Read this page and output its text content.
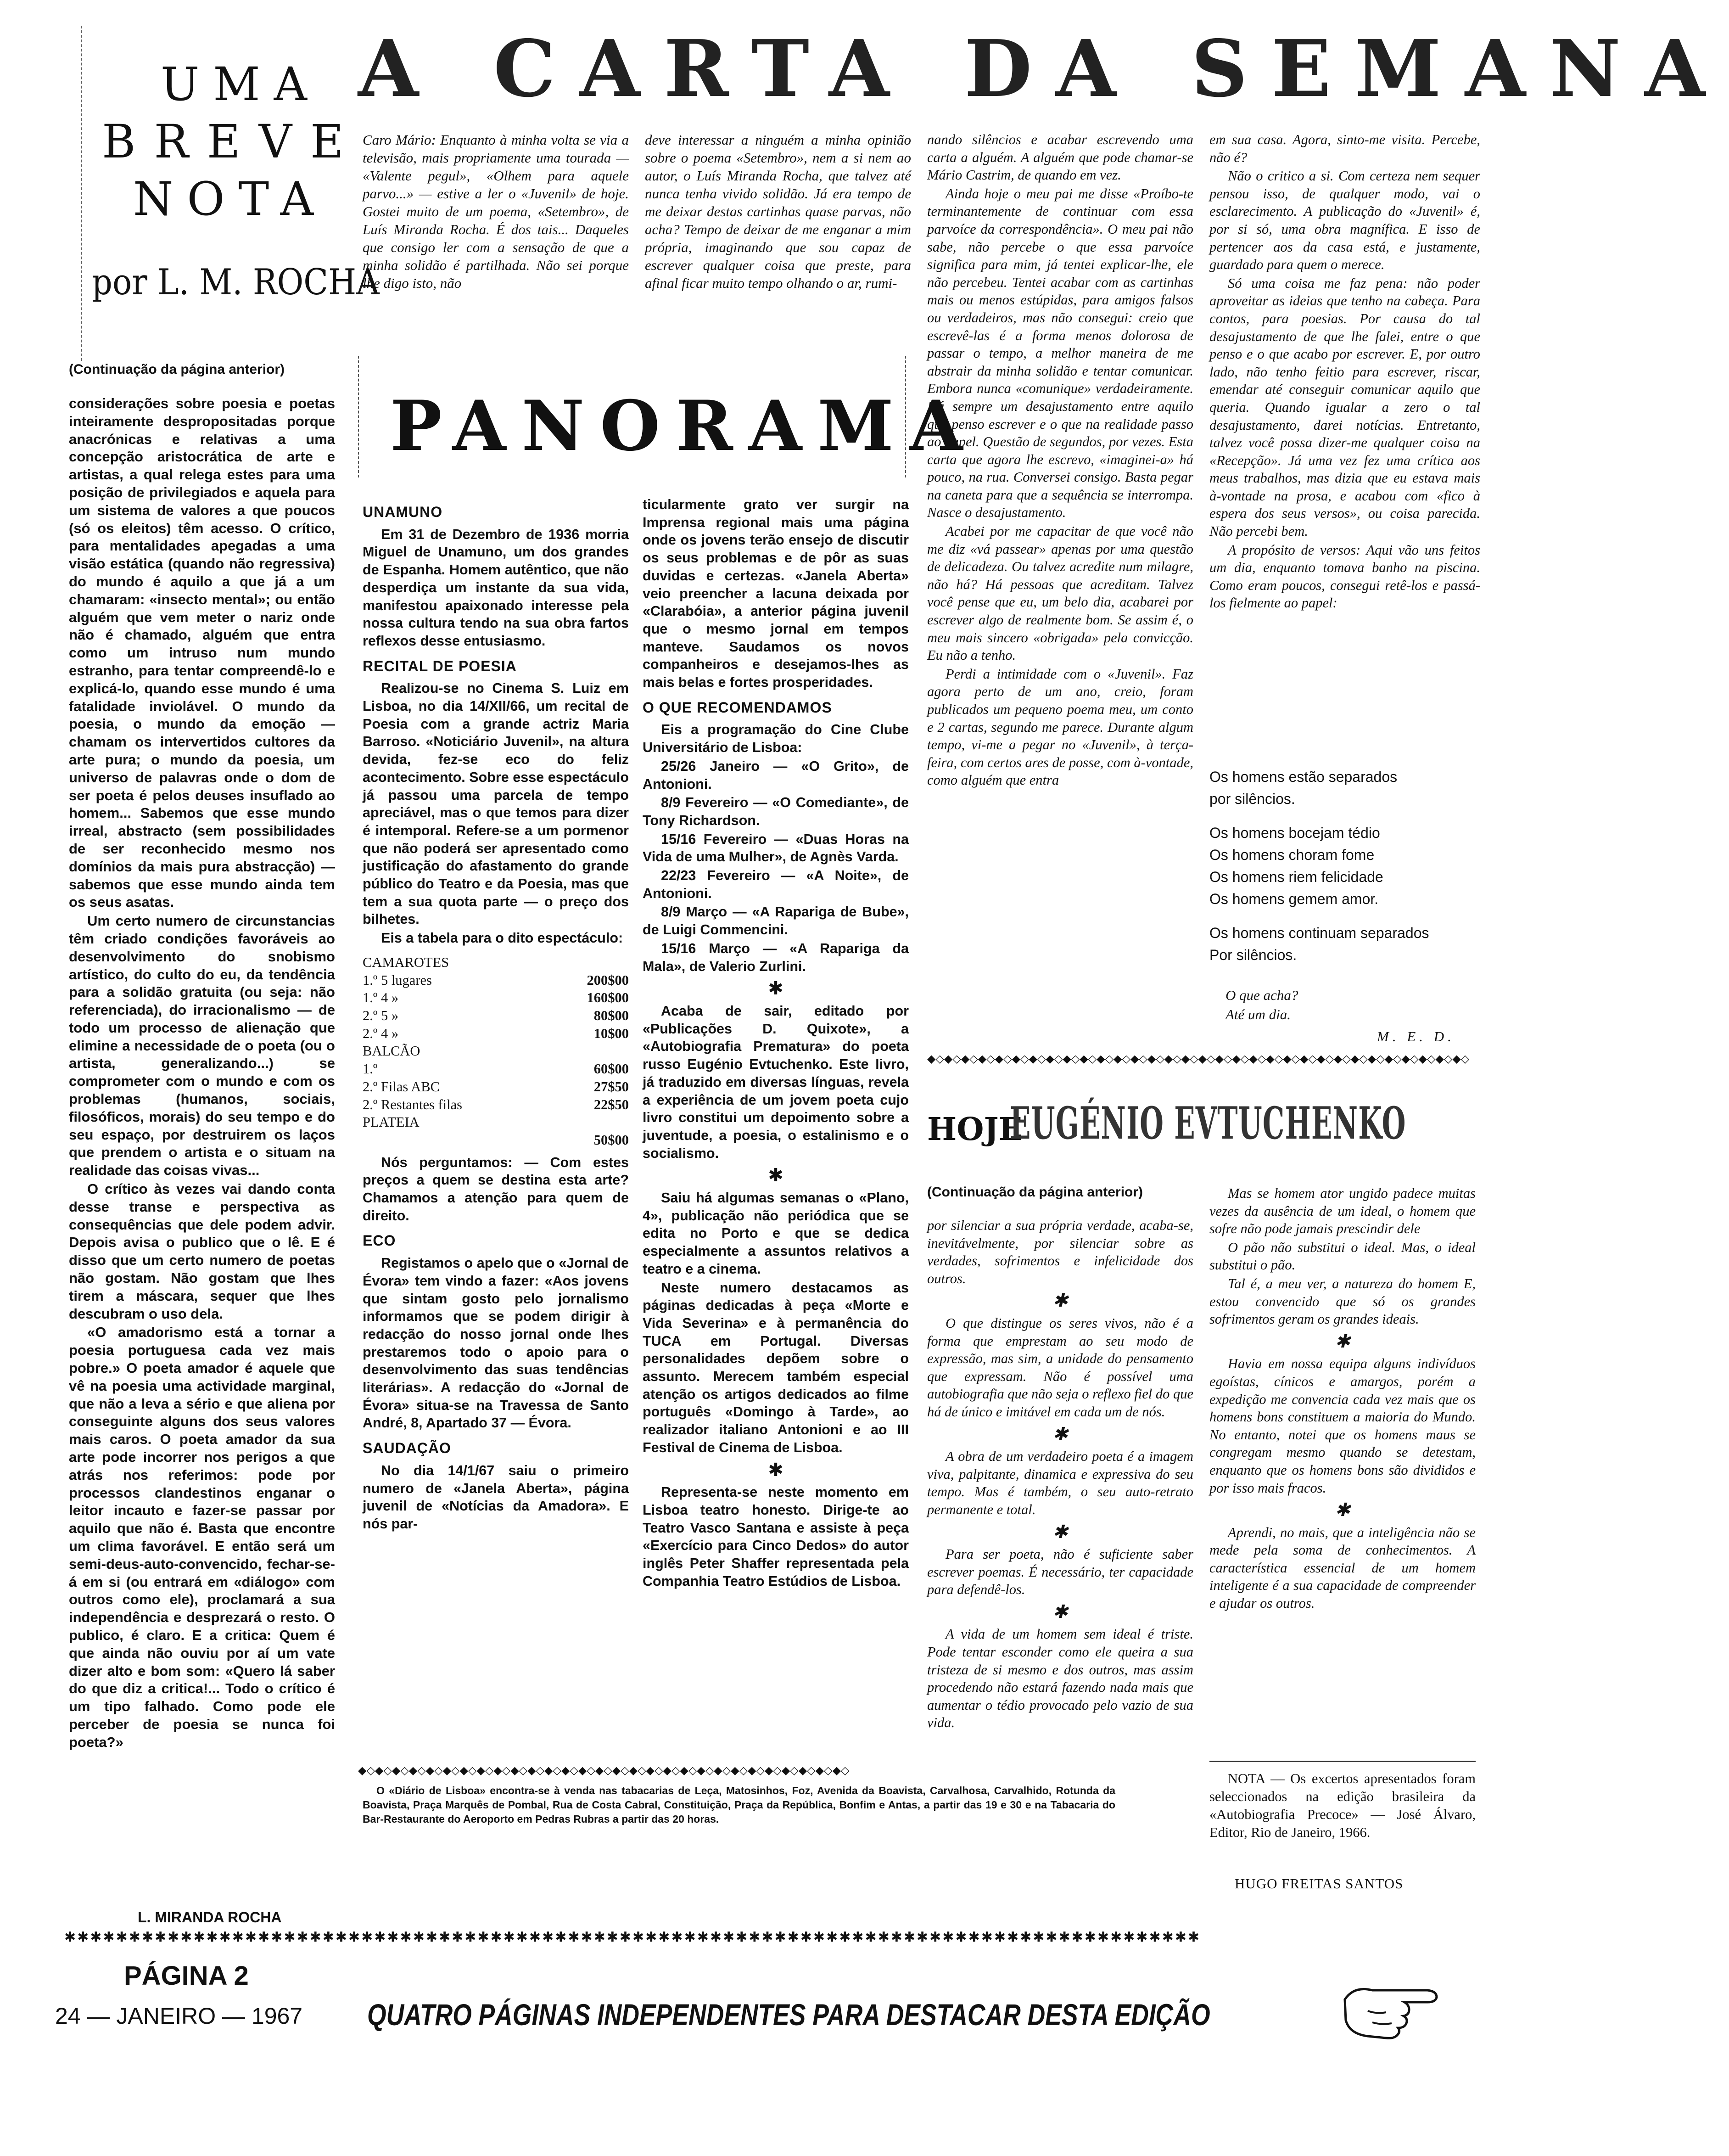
UMA
BREVE
NOTA
por L. M. ROCHA
(Continuação da página anterior)

considerações sobre poesia e poetas inteiramente despropositadas porque anacrónicas e relativas a uma concepção aristocrática de arte e artistas, a qual relega estes para uma posição de privilegiados e aquela para um sistema de valores a que poucos (só os eleitos) têm acesso. O crítico, para mentalidades apegadas a uma visão estática (quando não regressiva) do mundo é aquilo a que já a um chamaram: «insecto mental»; ou então alguém que vem meter o nariz onde não é chamado, alguém que entra como um intruso num mundo estranho, para tentar compreendê-lo e explicá-lo, quando esse mundo é uma fatalidade inviolável. O mundo da poesia, o mundo da emoção — chamam os intervertidos cultores da arte pura; o mundo da poesia, um universo de palavras onde o dom de ser poeta é pelos deuses insuflado ao homem... Sabemos que esse mundo irreal, abstracto (sem possibilidades de ser reconhecido mesmo nos domínios da mais pura abstracção) — sabemos que esse mundo ainda tem os seus asatas.

Um certo numero de circunstancias têm criado condições favoráveis ao desenvolvimento do snobismo artístico, do culto do eu, da tendência para a solidão gratuita (ou seja: não referenciada), do irracionalismo — de todo um processo de alienação que elimine a necessidade de o poeta (ou o artista, generalizando...) se comprometer com o mundo e com os problemas (humanos, sociais, filosóficos, morais) do seu tempo e do seu espaço, por destruirem os laços que prendem o artista e o situam na realidade das coisas vivas...

O crítico às vezes vai dando conta desse transe e perspectiva as consequências que dele podem advir. Depois avisa o publico que o lê. E é disso que um certo numero de poetas não gostam. Não gostam que lhes tirem a máscara, sequer que lhes descubram o uso dela.

«O amadorismo está a tornar a poesia portuguesa cada vez mais pobre.» O poeta amador é aquele que vê na poesia uma actividade marginal, que não a leva a sério e que aliena por conseguinte alguns dos seus valores mais caros. O poeta amador da sua arte pode incorrer nos perigos a que atrás nos referimos: pode por processos clandestinos enganar o leitor incauto e fazer-se passar por aquilo que não é. Basta que encontre um clima favorável. E então será um semi-deus-auto-convencido, fechar-se-á em si (ou entrará em «diálogo» com outros como ele), proclamará a sua independência e desprezará o resto. O publico, é claro. E a critica: Quem é que ainda não ouviu por aí um vate dizer alto e bom som: «Quero lá saber do que diz a critica!... Todo o crítico é um tipo falhado. Como pode ele perceber de poesia se nunca foi poeta?»

L. MIRANDA ROCHA
A CARTA DA SEMANA

Caro Mário: Enquanto à minha volta se via a televisão, mais propriamente uma tourada — «Valente pegul», «Olhem para aquele parvo...» — estive a ler o «Juvenil» de hoje. Gostei muito de um poema, «Setembro», de Luís Miranda Rocha. É dos tais... Daqueles que consigo ler com a sensação de que a minha solidão é partilhada. Não sei porque lhe digo isto, não

deve interessar a ninguém a minha opinião sobre o poema «Setembro», nem a si nem ao autor, o Luís Miranda Rocha, que talvez até nunca tenha vivido solidão. Já era tempo de me deixar destas cartinhas quase parvas, não acha? Tempo de deixar de me enganar a mim própria, imaginando que sou capaz de escrever qualquer coisa que preste, para afinal ficar muito tempo olhando o ar, rumi-

nando silêncios e acabar escrevendo uma carta a alguém. A alguém que pode chamar-se Mário Castrim, de quando em vez.

Ainda hoje o meu pai me disse «Proíbo-te terminantemente de continuar com essa parvoíce da correspondência». O meu pai não sabe, não percebe o que essa parvoíce significa para mim, já tentei explicar-lhe, ele não percebeu. Tentei acabar com as cartinhas mais ou menos estúpidas, para amigos falsos ou verdadeiros, mas não consegui: creio que escrevê-las é a forma menos dolorosa de passar o tempo, a melhor maneira de me abstrair da minha solidão e tentar comunicar. Embora nunca «comunique» verdadeiramente. Há sempre um desajustamento entre aquilo que penso escrever e o que na realidade passo ao papel. Questão de segundos, por vezes. Esta carta que agora lhe escrevo, «imaginei-a» há pouco, na rua. Conversei consigo. Basta pegar na caneta para que a sequência se interrompa. Nasce o desajustamento.

Acabei por me capacitar de que você não me diz «vá passear» apenas por uma questão de delicadeza. Ou talvez acredite num milagre, não há? Há pessoas que acreditam. Talvez você pense que eu, um belo dia, acabarei por escrever algo de realmente bom. Se assim é, o meu mais sincero «obrigada» pela convicção. Eu não a tenho.

Perdi a intimidade com o «Juvenil». Faz agora perto de um ano, creio, foram publicados um pequeno poema meu, um conto e 2 cartas, segundo me parece. Durante algum tempo, vi-me a pegar no «Juvenil», à terça-feira, com certos ares de posse, com à-vontade, como alguém que entra

em sua casa. Agora, sinto-me visita. Percebe, não é?

Não o critico a si. Com certeza nem sequer pensou isso, de qualquer modo, vai o esclarecimento. A publicação do «Juvenil» é, por si só, uma obra magnífica. E isso de pertencer aos da casa está, e justamente, guardado para quem o merece.

Só uma coisa me faz pena: não poder aproveitar as ideias que tenho na cabeça. Para contos, para poesias. Por causa do tal desajustamento de que lhe falei, entre o que penso e o que acabo por escrever. E, por outro lado, não tenho feitio para escrever, riscar, emendar até conseguir comunicar aquilo que queria. Quando igualar a zero o tal desajustamento, darei notícias. Entretanto, talvez você possa dizer-me qualquer coisa na «Recepção». Já uma vez fez uma crítica aos meus trabalhos, mas dizia que eu estava mais à-vontade na prosa, e acabou com «fico à espera dos seus versos», ou coisa parecida. Não percebi bem.

A propósito de versos: Aqui vão uns feitos um dia, enquanto tomava banho na piscina. Como eram poucos, consegui retê-los e passá-los fielmente ao papel:

Os homens estão separados

por silêncios.

Os homens bocejam tédio

Os homens choram fome

Os homens riem felicidade

Os homens gemem amor.

Os homens continuam separados

Por silêncios.

O que acha?
Até um dia.
M. E. D.
PANORAMA
UNAMUNO

Em 31 de Dezembro de 1936 morria Miguel de Unamuno, um dos grandes de Espanha. Homem autêntico, que não desperdiça um instante da sua vida, manifestou apaixonado interesse pela nossa cultura tendo na sua obra fartos reflexos desse entusiasmo.

RECITAL DE POESIA

Realizou-se no Cinema S. Luiz em Lisboa, no dia 14/XII/66, um recital de Poesia com a grande actriz Maria Barroso. «Noticiário Juvenil», na altura devida, fez-se eco do feliz acontecimento. Sobre esse espectáculo já passou uma parcela de tempo apreciável, mas o que temos para dizer é intemporal. Refere-se a um pormenor que não poderá ser apresentado como justificação do afastamento do grande público do Teatro e da Poesia, mas que tem a sua quota parte — o preço dos bilhetes.

Eis a tabela para o dito espectáculo:

CAMAROTES
1.º 5 lugares	200$00
1.º 4 »	160$00
2.º 5 »	80$00
2.º 4 »	10$00
BALCÃO
1.º	60$00
2.º Filas ABC	27$50
2.º Restantes filas	22$50
PLATEIA
50$00

Nós perguntamos: — Com estes preços a quem se destina esta arte? Chamamos a atenção para quem de direito.

ECO

Registamos o apelo que o «Jornal de Évora» tem vindo a fazer: «Aos jovens que sintam gosto pelo jornalismo informamos que se podem dirigir à redacção do nosso jornal onde lhes prestaremos todo o apoio para o desenvolvimento das suas tendências literárias». A redacção do «Jornal de Évora» situa-se na Travessa de Santo André, 8, Apartado 37 — Évora.

SAUDAÇÃO

No dia 14/1/67 saiu o primeiro numero de «Janela Aberta», página juvenil de «Notícias da Amadora». E nós par-

ticularmente grato ver surgir na Imprensa regional mais uma página onde os jovens terão ensejo de discutir os seus problemas e de pôr as suas duvidas e certezas. «Janela Aberta» veio preencher a lacuna deixada por «Clarabóia», a anterior página juvenil que o mesmo jornal em tempos manteve. Saudamos os novos companheiros e desejamos-lhes as mais belas e fortes prosperidades.

O QUE RECOMENDAMOS

Eis a programação do Cine Clube Universitário de Lisboa:

25/26 Janeiro — «O Grito», de Antonioni.

8/9 Fevereiro — «O Comediante», de Tony Richardson.

15/16 Fevereiro — «Duas Horas na Vida de uma Mulher», de Agnès Varda.

22/23 Fevereiro — «A Noite», de Antonioni.

8/9 Março — «A Rapariga de Bube», de Luigi Commencini.

15/16 Março — «A Rapariga da Mala», de Valerio Zurlini.

✱

Acaba de sair, editado por «Publicações D. Quixote», a «Autobiografia Prematura» do poeta russo Eugénio Evtuchenko. Este livro, já traduzido em diversas línguas, revela a experiência de um jovem poeta cujo livro constitui um depoimento sobre a juventude, a poesia, o estalinismo e o socialismo.

✱

Saiu há algumas semanas o «Plano, 4», publicação não periódica que se edita no Porto e que se dedica especialmente a assuntos relativos a teatro e a cinema.

Neste numero destacamos as páginas dedicadas à peça «Morte e Vida Severina» e à permanência do TUCA em Portugal. Diversas personalidades depõem sobre o assunto. Merecem também especial atenção os artigos dedicados ao filme português «Domingo à Tarde», ao realizador italiano Antonioni e ao III Festival de Cinema de Lisboa.

✱

Representa-se neste momento em Lisboa teatro honesto. Dirige-te ao Teatro Vasco Santana e assiste à peça «Exercício para Cinco Dedos» do autor inglês Peter Shaffer representada pela Companhia Teatro Estúdios de Lisboa.

◆◇◆◇◆◇◆◇◆◇◆◇◆◇◆◇◆◇◆◇◆◇◆◇◆◇◆◇◆◇◆◇◆◇◆◇◆◇◆◇◆◇◆◇◆◇◆◇◆◇◆◇◆◇◆◇◆◇◆◇◆◇◆◇
HOJE
EUGÉNIO EVTUCHENKO
(Continuação da página anterior)

por silenciar a sua própria verdade, acaba-se, inevitávelmente, por silenciar sobre as verdades, sofrimentos e infelicidade dos outros.

✱

O que distingue os seres vivos, não é a forma que emprestam ao seu modo de expressão, mas sim, a unidade do pensamento que expressam. Não é possível uma autobiografia que não seja o reflexo fiel do que há de único e imitável em cada um de nós.

✱

A obra de um verdadeiro poeta é a imagem viva, palpitante, dinamica e expressiva do seu tempo. Mas é também, o seu auto-retrato permanente e total.

✱

Para ser poeta, não é suficiente saber escrever poemas. É necessário, ter capacidade para defendê-los.

✱

A vida de um homem sem ideal é triste. Pode tentar esconder como ele queira a sua tristeza de si mesmo e dos outros, mas assim procedendo não estará fazendo nada mais que aumentar o tédio provocado pelo vazio de sua vida.

Mas se homem ator ungido padece muitas vezes da ausência de um ideal, o homem que sofre não pode jamais prescindir dele

O pão não substitui o ideal. Mas, o ideal substitui o pão.

Tal é, a meu ver, a natureza do homem E, estou convencido que só os grandes sofrimentos geram os grandes ideais.

✱

Havia em nossa equipa alguns indivíduos egoístas, cínicos e amargos, porém a expedição me convencia cada vez mais que os homens bons constituem a maioria do Mundo. No entanto, notei que os homens maus se congregam mesmo quando se detestam, enquanto que os homens bons são divididos e por isso mais fracos.

✱

Aprendi, no mais, que a inteligência não se mede pela soma de conhecimentos. A característica essencial de um homem inteligente é a sua capacidade de compreender e ajudar os outros.

NOTA — Os excertos apresentados foram seleccionados na edição brasileira da «Autobiografia Precoce» — José Álvaro, Editor, Rio de Janeiro, 1966.

HUGO FREITAS SANTOS
◆◇◆◇◆◇◆◇◆◇◆◇◆◇◆◇◆◇◆◇◆◇◆◇◆◇◆◇◆◇◆◇◆◇◆◇◆◇◆◇◆◇◆◇◆◇◆◇◆◇◆◇◆◇◆◇◆◇

O «Diário de Lisboa» encontra-se à venda nas tabacarias de Leça, Matosinhos, Foz, Avenida da Boavista, Carvalhosa, Carvalhido, Rotunda da Boavista, Praça Marquês de Pombal, Rua de Costa Cabral, Constituição, Praça da República, Bonfim e Antas, a partir das 19 e 30 e na Tabacaria do Bar-Restaurante do Aeroporto em Pedras Rubras a partir das 20 horas.

✱✱✱✱✱✱✱✱✱✱✱✱✱✱✱✱✱✱✱✱✱✱✱✱✱✱✱✱✱✱✱✱✱✱✱✱✱✱✱✱✱✱✱✱✱✱✱✱✱✱✱✱✱✱✱✱✱✱✱✱✱✱✱✱✱✱✱✱✱✱✱✱✱✱✱✱✱✱✱✱✱✱✱✱✱✱✱✱
PÁGINA 2
24 — JANEIRO — 1967 QUATRO PÁGINAS INDEPENDENTES PARA DESTACAR DESTA EDIÇÃO
